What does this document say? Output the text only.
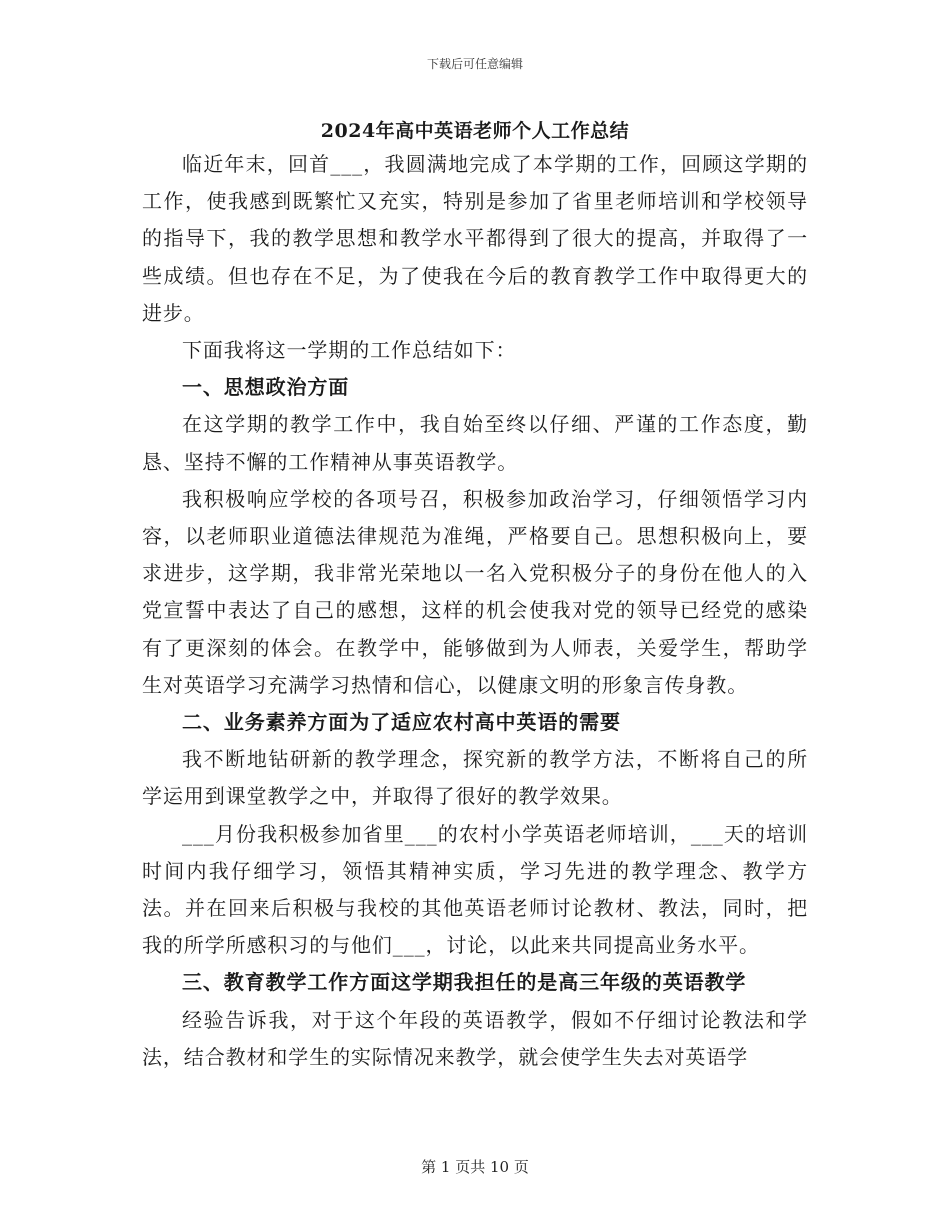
下载后可任意编辑
2024年高中英语老师个人工作总结

临近年末，回首___，我圆满地完成了本学期的工作，回顾这学期的工作，使我感到既繁忙又充实，特别是参加了省里老师培训和学校领导的指导下，我的教学思想和教学水平都得到了很大的提高，并取得了一些成绩。但也存在不足，为了使我在今后的教育教学工作中取得更大的进步。

下面我将这一学期的工作总结如下：

一、思想政治方面

在这学期的教学工作中，我自始至终以仔细、严谨的工作态度，勤恳、坚持不懈的工作精神从事英语教学。

我积极响应学校的各项号召，积极参加政治学习，仔细领悟学习内容，以老师职业道德法律规范为准绳，严格要自己。思想积极向上，要求进步，这学期，我非常光荣地以一名入党积极分子的身份在他人的入党宣誓中表达了自己的感想，这样的机会使我对党的领导已经党的感染有了更深刻的体会。在教学中，能够做到为人师表，关爱学生，帮助学生对英语学习充满学习热情和信心，以健康文明的形象言传身教。

二、业务素养方面为了适应农村高中英语的需要

我不断地钻研新的教学理念，探究新的教学方法，不断将自己的所学运用到课堂教学之中，并取得了很好的教学效果。

___月份我积极参加省里___的农村小学英语老师培训，___天的培训时间内我仔细学习，领悟其精神实质，学习先进的教学理念、教学方法。并在回来后积极与我校的其他英语老师讨论教材、教法，同时，把我的所学所感积习的与他们___，讨论，以此来共同提高业务水平。

三、教育教学工作方面这学期我担任的是高三年级的英语教学

经验告诉我，对于这个年段的英语教学，假如不仔细讨论教法和学法，结合教材和学生的实际情况来教学，就会使学生失去对英语学

第 1 页共 10 页
